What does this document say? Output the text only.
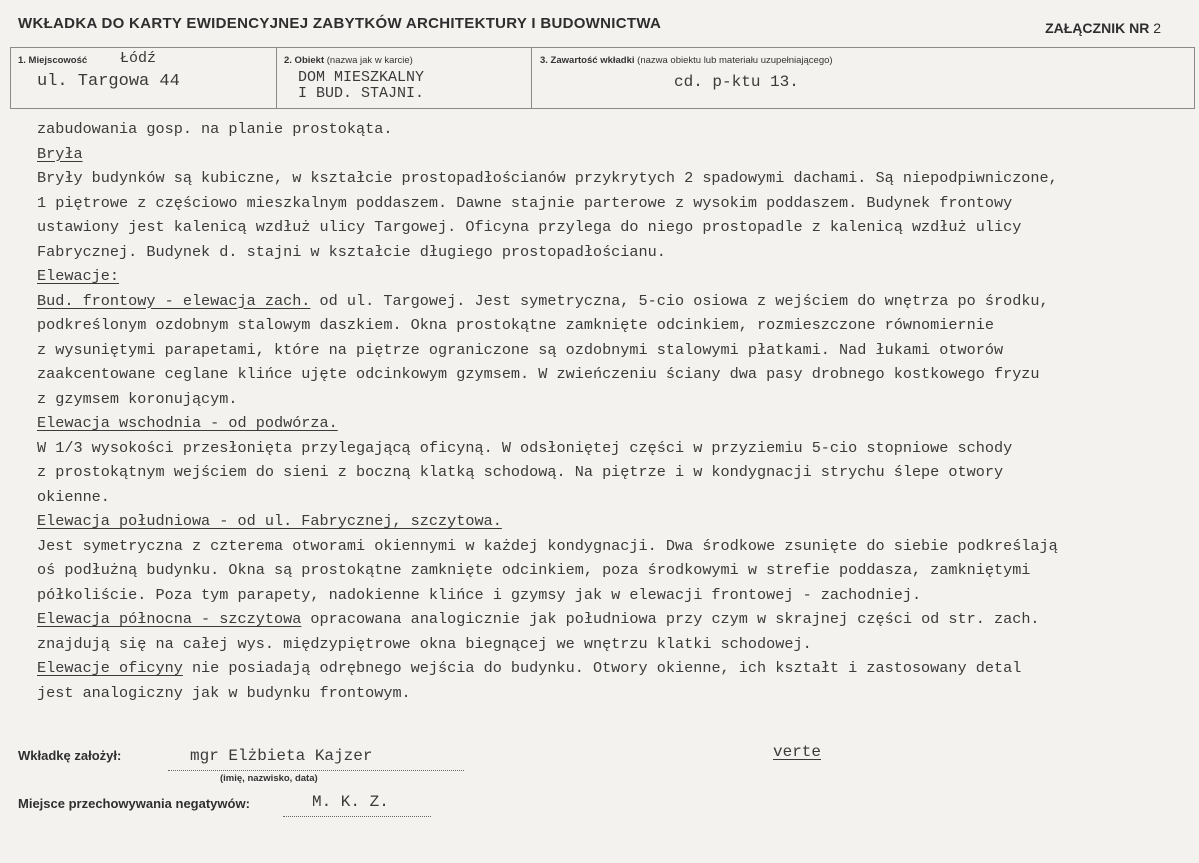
WKŁADKA DO KARTY EWIDENCYJNEJ ZABYTKÓW ARCHITEKTURY I BUDOWNICTWA	ZAŁĄCZNIK NR 2
1. Miejscowość Łódź
ul. Targowa 44
2. Obiekt (nazwa jak w karcie)
DOM MIESZKALNY
I BUD. STAJNI.
3. Zawartość wkładki (nazwa obiektu lub materiału uzupełniającego)
cd. p-ktu 13.
zabudowania gosp. na planie prostokąta.
Bryła
Bryły budynków są kubiczne, w kształcie prostopadłościanów przykrytych 2 spadowymi dachami. Są niepodpiwniczone,
1 piętrowe z częściowo mieszkalnym poddaszem. Dawne stajnie parterowe z wysokim poddaszem. Budynek frontowy
ustawiony jest kalenicą wzdłuż ulicy Targowej. Oficyna przylega do niego prostopadle z kalenicą wzdłuż ulicy
Fabrycznej. Budynek d. stajni w kształcie długiego prostopadłościanu.
Elewacje:
Bud. frontowy - elewacja zach. od ul. Targowej. Jest symetryczna, 5-cio osiowa z wejściem do wnętrza po środku,
podkreślonym ozdobnym stalowym daszkiem. Okna prostokątne zamknięte odcinkiem, rozmieszczone równomiernie
z wysuniętymi parapetami, które na piętrze ograniczone są ozdobnymi stalowymi płatkami. Nad łukami otworów
zaakcentowane ceglane klińce ujęte odcinkowym gzymsem. W zwieńczeniu ściany dwa pasy drobnego kostkowego fryzu
z gzymsem koronującym.
Elewacja wschodnia - od podwórza.
W 1/3 wysokości przesłonięta przylegającą oficyną. W odsłoniętej części w przyziemiu 5-cio stopniowe schody
z prostokątnym wejściem do sieni z boczną klatką schodową. Na piętrze i w kondygnacji strychu ślepe otwory
okienne.
Elewacja południowa - od ul. Fabrycznej, szczytowa.
Jest symetryczna z czterema otworami okiennymi w każdej kondygnacji. Dwa środkowe zsunięte do siebie podkreślają
oś podłużną budynku. Okna są prostokątne zamknięte odcinkiem, poza środkowymi w strefie poddasza, zamkniętymi
półkoliście. Poza tym parapety, nadokienne klińce i gzymsy jak w elewacji frontowej - zachodniej.
Elewacja północna - szczytowa opracowana analogicznie jak południowa przy czym w skrajnej części od str. zach.
znajdują się na całej wys. międzypiętrowe okna biegnącej we wnętrzu klatki schodowej.
Elewacje oficyny nie posiadają odrębnego wejścia do budynku. Otwory okienne, ich kształt i zastosowany detal
jest analogiczny jak w budynku frontowym.
Wkładkę założył:	mgr Elżbieta Kajzer
(imię, nazwisko, data)
verte
Miejsce przechowywania negatywów:	M. K. Z.
